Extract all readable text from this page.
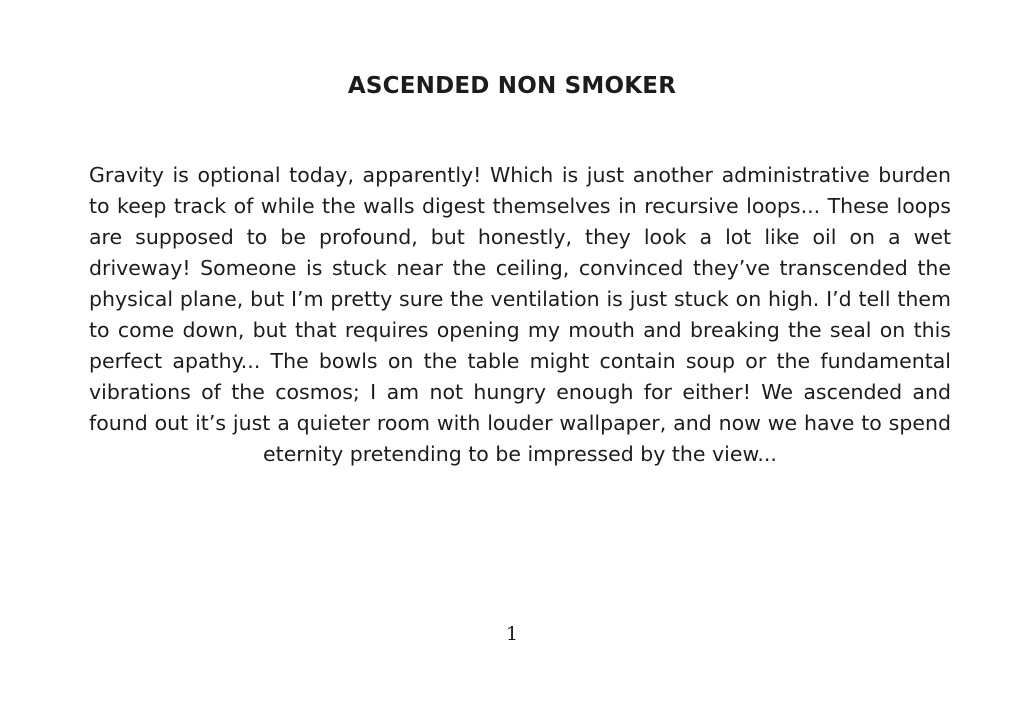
ASCENDED NON SMOKER

Gravity is optional today, apparently! Which is just another administrative burden to keep track of while the walls digest themselves in recursive loops... These loops are supposed to be profound, but honestly, they look a lot like oil on a wet driveway! Someone is stuck near the ceiling, convinced they’ve transcended the physical plane, but I’m pretty sure the ventilation is just stuck on high. I’d tell them to come down, but that requires opening my mouth and breaking the seal on this perfect apathy... The bowls on the table might contain soup or the fundamental vibrations of the cosmos; I am not hungry enough for either! We ascended and found out it’s just a quieter room with louder wallpaper, and now we have to spend eternity pretending to be impressed by the view...

1
